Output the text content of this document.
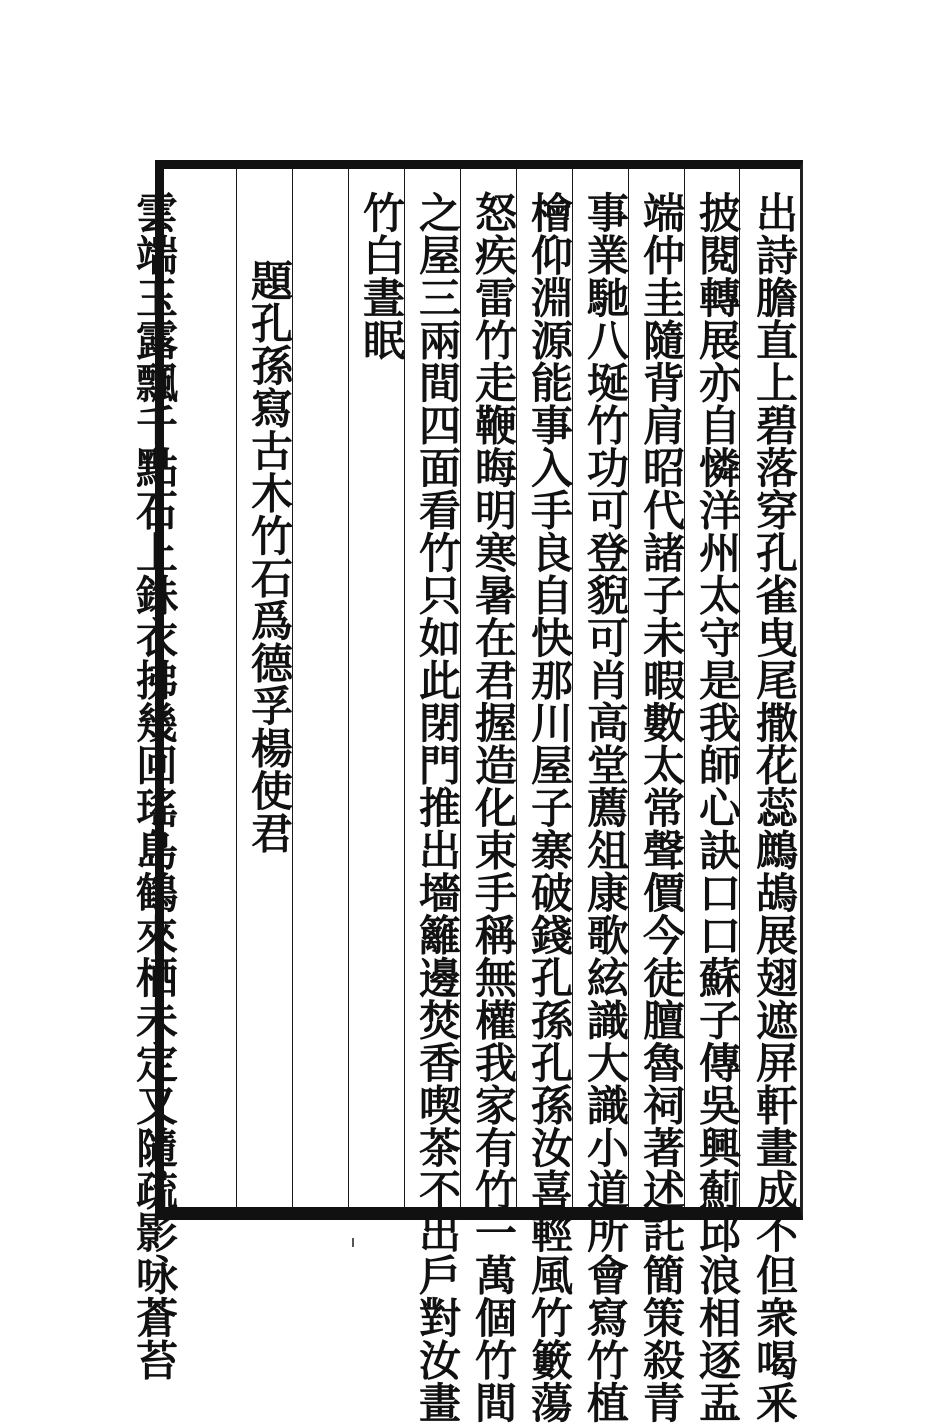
出詩膽直上碧落穿孔雀曳尾撒花蕊鷓鴣展翅遮屏軒畫成不但衆喝釆
披閱轉展亦自憐洋州太守是我師心訣口口蘇子傳吳興薊邱浪相逐盂
端仲圭隨背肩昭代諸子未暇數太常聲價今徒膻魯祠著述託簡策殺青
事業馳八埏竹功可登貎可肖高堂薦俎康歌絃識大識小道所會寫竹植
檜仰淵源能事入手良自快那川屋子寨破錢孔孫孔孫汝喜輕風竹籔蕩
怒疾雷竹走鞭晦明寒暑在君握造化束手稱無權我家有竹一萬個竹間
之屋三兩間四面看竹只如此閉門推出墻籬邊焚香喫茶不出戶對汝畫
竹白晝眠
題孔孫寫古木竹石爲德孚楊使君
雲端玉露飄千點石上銖衣拂幾回瑤島鶴來栖未定又隨疏影咏蒼苔
